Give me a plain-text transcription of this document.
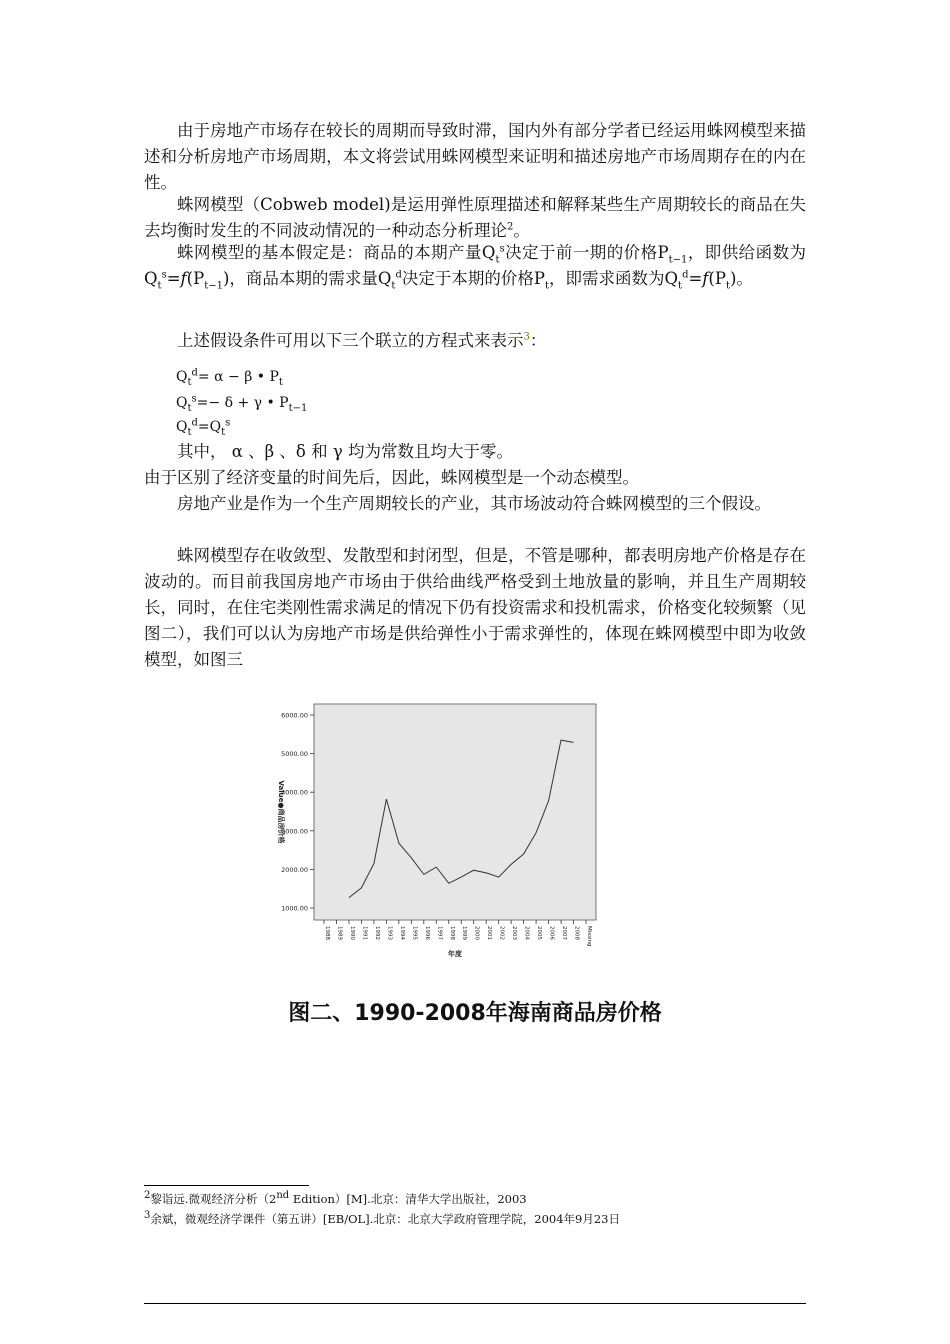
由于房地产市场存在较长的周期而导致时滞，国内外有部分学者已经运用蛛网模型来描述和分析房地产市场周期，本文将尝试用蛛网模型来证明和描述房地产市场周期存在的内在性。

蛛网模型（Cobweb model)是运用弹性原理描述和解释某些生产周期较长的商品在失去均衡时发生的不同波动情况的一种动态分析理论$^2$。

蛛网模型的基本假定是：商品的本期产量$Q_t^s$决定于前一期的价格$P_{t-1}$，即供给函数为$Q_t^s=𝑓(P_{t-1})$，商品本期的需求量$Q_t^d$决定于本期的价格$P_t$，即需求函数为$Q_t^d=𝑓(P_t)$。

上述假设条件可用以下三个联立的方程式来表示$^3$：

$Q_t^d= \alpha - \beta$ • $P_t$

$Q_t^s=- \delta + \gamma$ • $P_{t-1}$

$Q_t^d=Q_t^s$

其中， α 、β 、δ 和 γ 均为常数且均大于零。

由于区别了经济变量的时间先后，因此，蛛网模型是一个动态模型。

房地产业是作为一个生产周期较长的产业，其市场波动符合蛛网模型的三个假设。

蛛网模型存在收敛型、发散型和封闭型，但是，不管是哪种，都表明房地产价格是存在波动的。而目前我国房地产市场由于供给曲线严格受到土地放量的影响，并且生产周期较长，同时，在住宅类刚性需求满足的情况下仍有投资需求和投机需求，价格变化较频繁（见图二），我们可以认为房地产市场是供给弹性小于需求弹性的，体现在蛛网模型中即为收敛模型，如图三

1000.00
2000.00
3000.00
4000.00
5000.00
6000.00
1988 1989 1990 1991 1992 1993 1994 1995 1996 1997 1998 1999 2000 2001 2002 2003 2004 2005 2006 2007 2008 Missing
Value●商品房价格
年度

图二、1990-2008年海南商品房价格

$^2$黎诣远.微观经济分析（2nd Edition）[M].北京：清华大学出版社，2003

$^3$余斌，微观经济学课件（第五讲）[EB/OL].北京：北京大学政府管理学院，2004年9月23日
